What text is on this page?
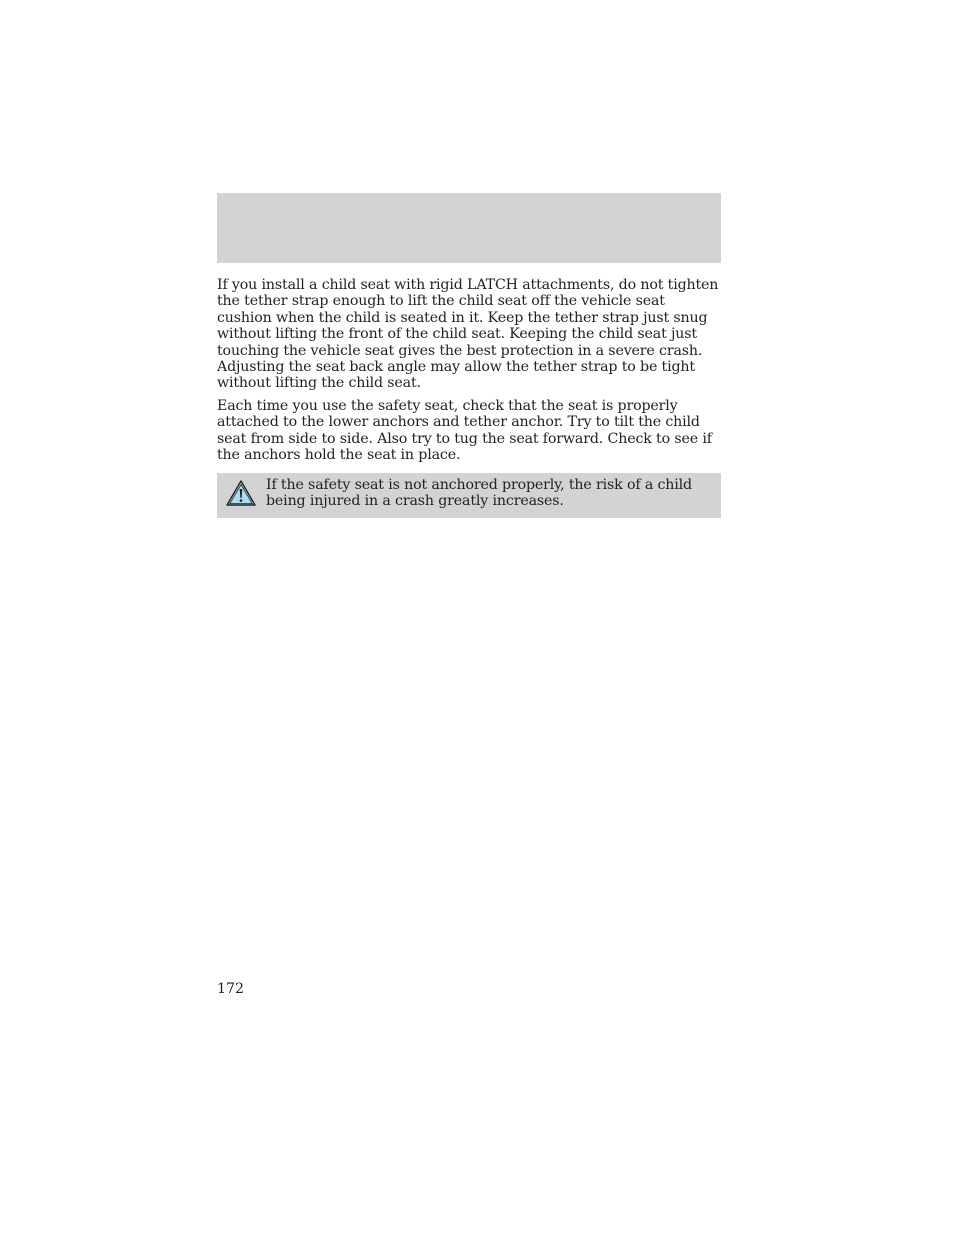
If you install a child seat with rigid LATCH attachments, do not tighten the tether strap enough to lift the child seat off the vehicle seat cushion when the child is seated in it. Keep the tether strap just snug without lifting the front of the child seat. Keeping the child seat just touching the vehicle seat gives the best protection in a severe crash. Adjusting the seat back angle may allow the tether strap to be tight without lifting the child seat.

Each time you use the safety seat, check that the seat is properly attached to the lower anchors and tether anchor. Try to tilt the child seat from side to side. Also try to tug the seat forward. Check to see if the anchors hold the seat in place.

If the safety seat is not anchored properly, the risk of a child being injured in a crash greatly increases.

172
